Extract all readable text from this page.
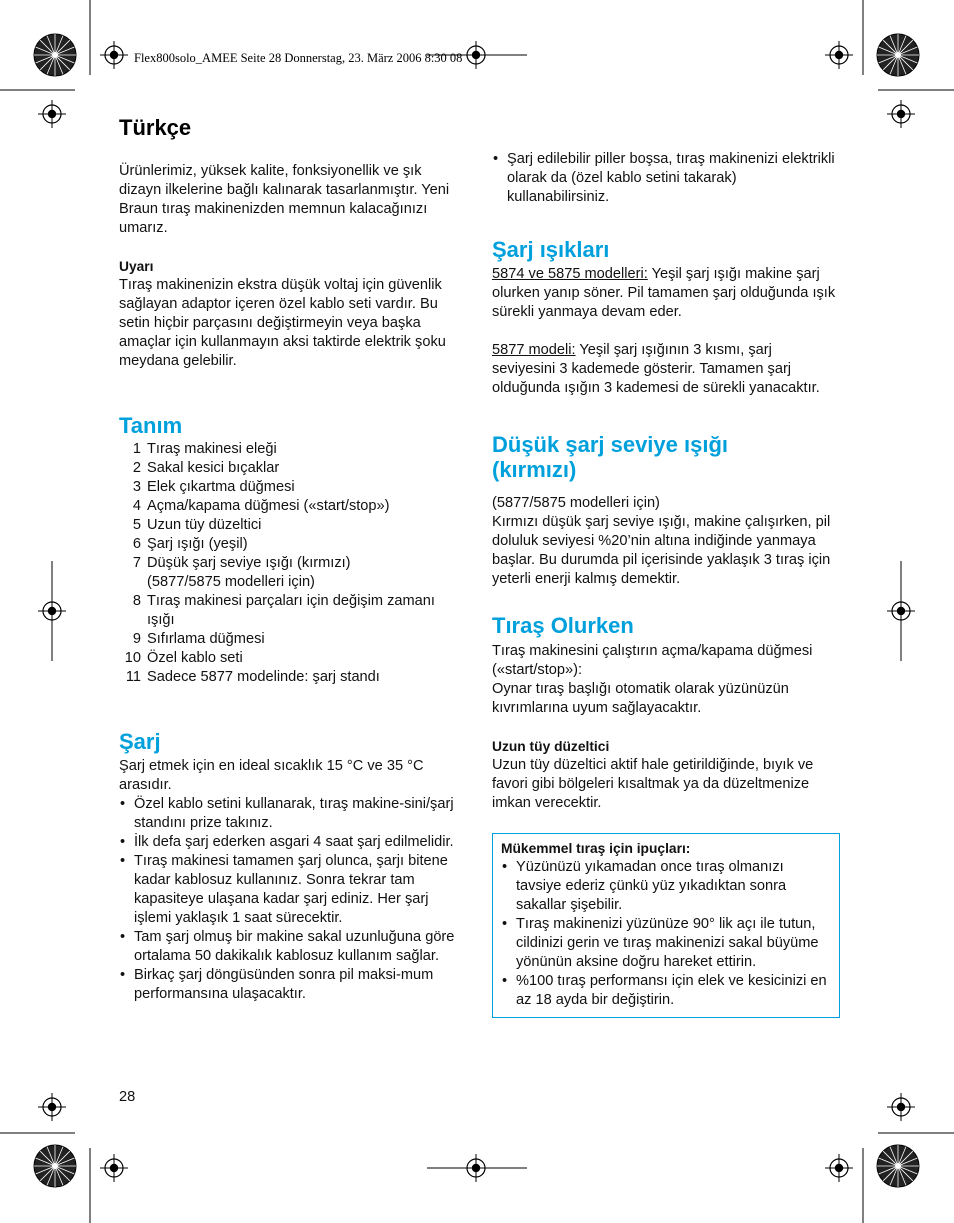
Flex800solo_AMEE Seite 28 Donnerstag, 23. März 2006 8:30 08
Türkçe

Ürünlerimiz, yüksek kalite, fonksiyonellik ve şık dizayn ilkelerine bağlı kalınarak tasarlanmıştır. Yeni Braun tıraş makinenizden memnun kalacağınızı umarız.

Uyarı

Tıraş makinenizin ekstra düşük voltaj için güvenlik sağlayan adaptor içeren özel kablo seti vardır. Bu setin hiçbir parçasını değiştirmeyin veya başka amaçlar için kullanmayın aksi taktirde elektrik şoku meydana gelebilir.

Tanım
1 Tıraş makinesi eleği
2 Sakal kesici bıçaklar
3 Elek çıkartma düğmesi
4 Açma/kapama düğmesi («start/stop»)
5 Uzun tüy düzeltici
6 Şarj ışığı (yeşil)
7 Düşük şarj seviye ışığı (kırmızı) (5877/5875 modelleri için)
8 Tıraş makinesi parçaları için değişim zamanı ışığı
9 Sıfırlama düğmesi
10 Özel kablo seti
11 Sadece 5877 modelinde: şarj standı
Şarj

Şarj etmek için en ideal sıcaklık 15 °C ve 35 °C arasıdır.

• Özel kablo setini kullanarak, tıraş makine-sini/şarj standını prize takınız.
• İlk defa şarj ederken asgari 4 saat şarj edilmelidir.
• Tıraş makinesi tamamen şarj olunca, şarjı bitene kadar kablosuz kullanınız. Sonra tekrar tam kapasiteye ulaşana kadar şarj ediniz. Her şarj işlemi yaklaşık 1 saat sürecektir.
• Tam şarj olmuş bir makine sakal uzunluğuna göre ortalama 50 dakikalık kablosuz kullanım sağlar.
• Birkaç şarj döngüsünden sonra pil maksi-mum performansına ulaşacaktır.
28
• Şarj edilebilir piller boşsa, tıraş makinenizi elektrikli olarak da (özel kablo setini takarak) kullanabilirsiniz.
Şarj ışıkları

5874 ve 5875 modelleri: Yeşil şarj ışığı makine şarj olurken yanıp söner. Pil tamamen şarj olduğunda ışık sürekli yanmaya devam eder.

5877 modeli: Yeşil şarj ışığının 3 kısmı, şarj seviyesini 3 kademede gösterir. Tamamen şarj olduğunda ışığın 3 kademesi de sürekli yanacaktır.

Düşük şarj seviye ışığı
(kırmızı)

(5877/5875 modelleri için)

Kırmızı düşük şarj seviye ışığı, makine çalışırken, pil doluluk seviyesi %20’nin altına indiğinde yanmaya başlar. Bu durumda pil içerisinde yaklaşık 3 tıraş için yeterli enerji kalmış demektir.

Tıraş Olurken

Tıraş makinesini çalıştırın açma/kapama düğmesi («start/stop»):

Oynar tıraş başlığı otomatik olarak yüzünüzün kıvrımlarına uyum sağlayacaktır.

Uzun tüy düzeltici

Uzun tüy düzeltici aktif hale getirildiğinde, bıyık ve favori gibi bölgeleri kısaltmak ya da düzeltmenize imkan verecektir.

Mükemmel tıraş için ipuçları:
• Yüzünüzü yıkamadan once tıraş olmanızı tavsiye ederiz çünkü yüz yıkadıktan sonra sakallar şişebilir.
• Tıraş makinenizi yüzünüze 90° lik açı ile tutun, cildinizi gerin ve tıraş makinenizi sakal büyüme yönünün aksine doğru hareket ettirin.
• %100 tıraş performansı için elek ve kesicinizi en az 18 ayda bir değiştirin.
